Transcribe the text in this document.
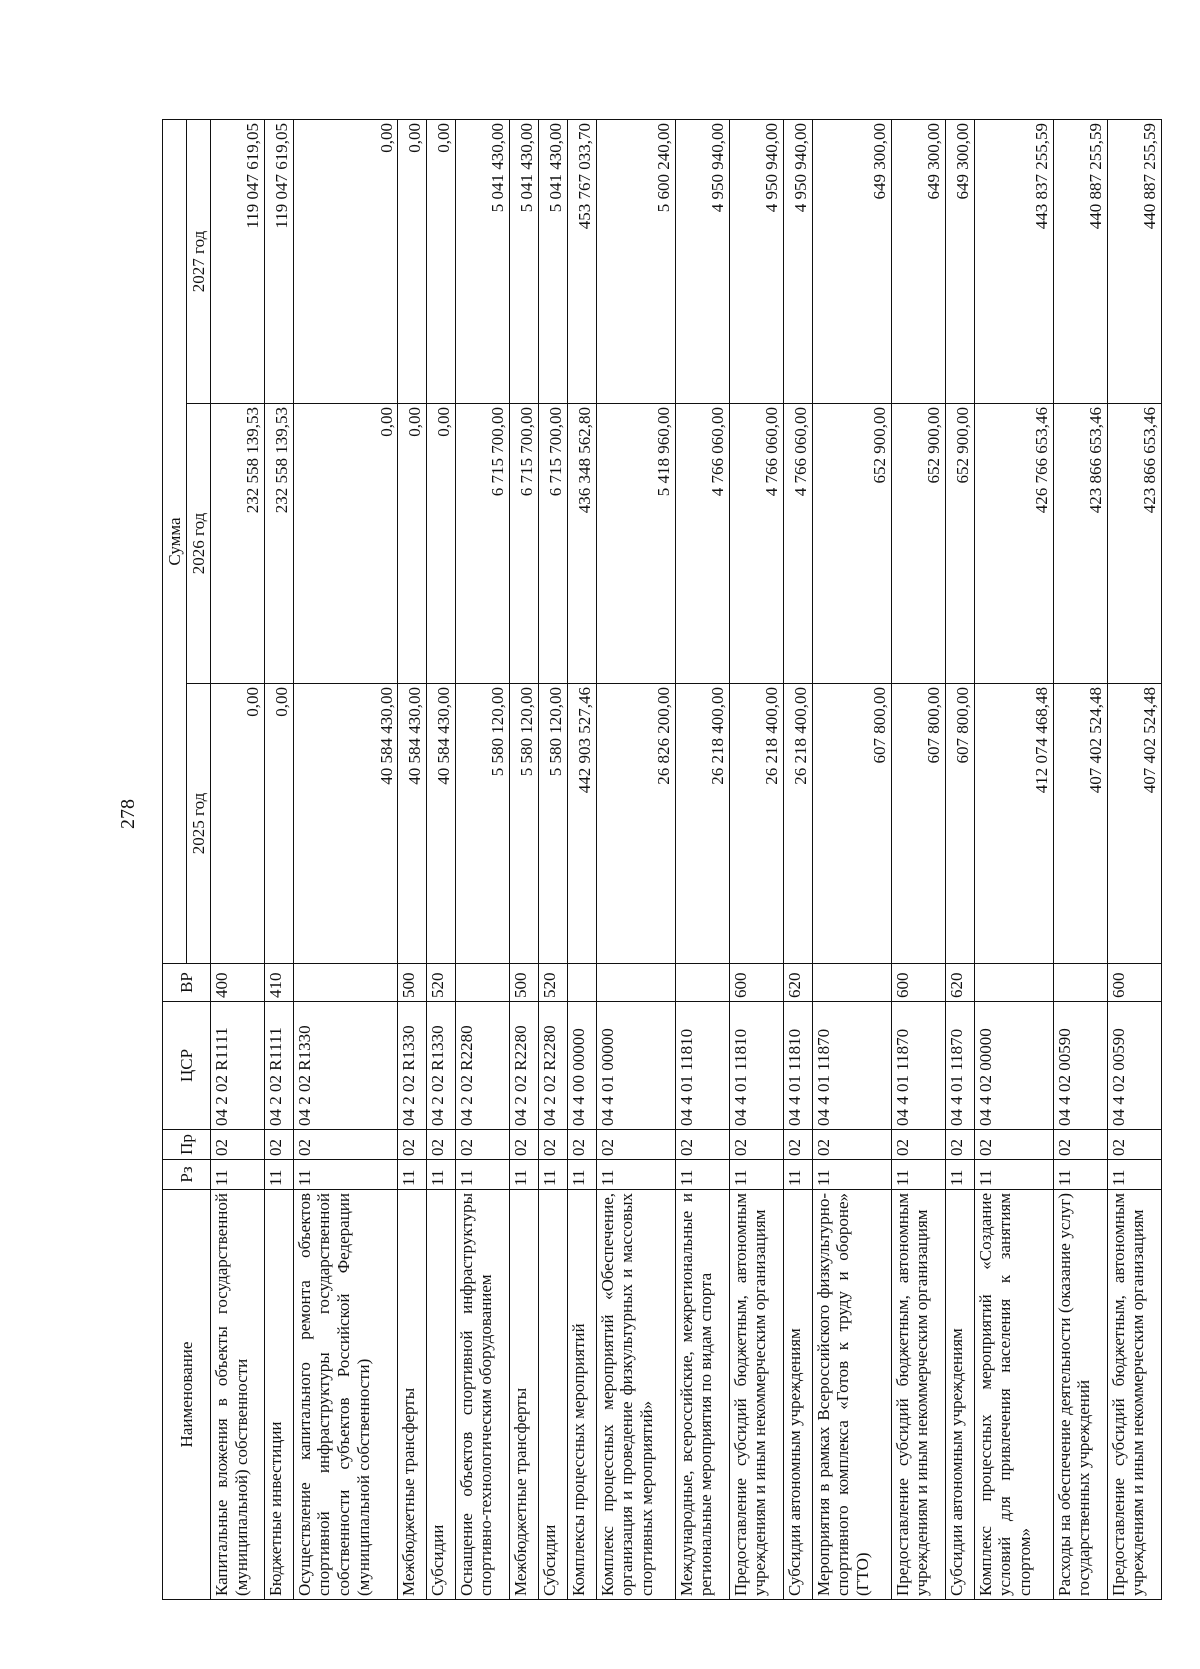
278
Наименование	Рз	Пр	ЦСР	ВР	Сумма		
					2025 год	2026 год	2027 год
Капитальные вложения в объекты государственной (муниципальной) собственности	11	02	04 2 02 R1111	400	0,00	232 558 139,53	119 047 619,05
Бюджетные инвестиции	11	02	04 2 02 R1111	410	0,00	232 558 139,53	119 047 619,05
Осуществление капитального ремонта объектов спортивной инфраструктуры государственной собственности субъектов Российской Федерации (муниципальной собственности)	11	02	04 2 02 R1330		40 584 430,00	0,00	0,00
Межбюджетные трансферты	11	02	04 2 02 R1330	500	40 584 430,00	0,00	0,00
Субсидии	11	02	04 2 02 R1330	520	40 584 430,00	0,00	0,00
Оснащение объектов спортивной инфраструктуры спортивно-технологическим оборудованием	11	02	04 2 02 R2280		5 580 120,00	6 715 700,00	5 041 430,00
Межбюджетные трансферты	11	02	04 2 02 R2280	500	5 580 120,00	6 715 700,00	5 041 430,00
Субсидии	11	02	04 2 02 R2280	520	5 580 120,00	6 715 700,00	5 041 430,00
Комплексы процессных мероприятий	11	02	04 4 00 00000		442 903 527,46	436 348 562,80	453 767 033,70
Комплекс процессных мероприятий «Обеспечение, организация и проведение физкультурных и массовых спортивных мероприятий»	11	02	04 4 01 00000		26 826 200,00	5 418 960,00	5 600 240,00
Международные, всероссийские, межрегиональные и региональные мероприятия по видам спорта	11	02	04 4 01 11810		26 218 400,00	4 766 060,00	4 950 940,00
Предоставление субсидий бюджетным, автономным учреждениям и иным некоммерческим организациям	11	02	04 4 01 11810	600	26 218 400,00	4 766 060,00	4 950 940,00
Субсидии автономным учреждениям	11	02	04 4 01 11810	620	26 218 400,00	4 766 060,00	4 950 940,00
Мероприятия в рамках Всероссийского физкультурно-спортивного комплекса «Готов к труду и обороне» (ГТО)	11	02	04 4 01 11870		607 800,00	652 900,00	649 300,00
Предоставление субсидий бюджетным, автономным учреждениям и иным некоммерческим организациям	11	02	04 4 01 11870	600	607 800,00	652 900,00	649 300,00
Субсидии автономным учреждениям	11	02	04 4 01 11870	620	607 800,00	652 900,00	649 300,00
Комплекс процессных мероприятий «Создание условий для привлечения населения к занятиям спортом»	11	02	04 4 02 00000		412 074 468,48	426 766 653,46	443 837 255,59
Расходы на обеспечение деятельности (оказание услуг) государственных учреждений	11	02	04 4 02 00590		407 402 524,48	423 866 653,46	440 887 255,59
Предоставление субсидий бюджетным, автономным учреждениям и иным некоммерческим организациям	11	02	04 4 02 00590	600	407 402 524,48	423 866 653,46	440 887 255,59
